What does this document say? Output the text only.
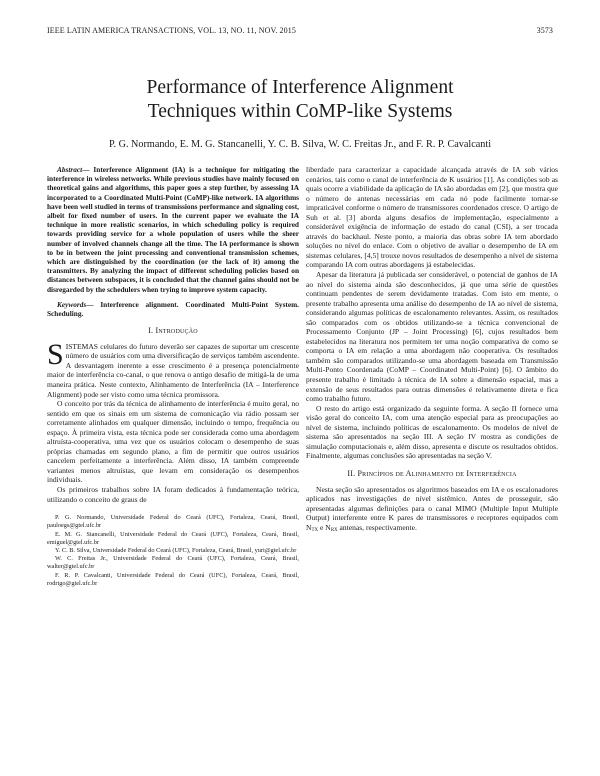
IEEE LATIN AMERICA TRANSACTIONS, VOL. 13, NO. 11, NOV. 2015	3573
Performance of Interference Alignment
Techniques within CoMP-like Systems
P. G. Normando, E. M. G. Stancanelli, Y. C. B. Silva, W. C. Freitas Jr., and F. R. P. Cavalcanti

Abstract— Interference Alignment (IA) is a technique for mitigating the interference in wireless networks. While previous studies have mainly focused on theoretical gains and algorithms, this paper goes a step further, by assessing IA incorporated to a Coordinated Multi-Point (CoMP)-like network. IA algorithms have been well studied in terms of transmissions performance and signaling cost, albeit for fixed number of users. In the current paper we evaluate the IA technique in more realistic scenarios, in which scheduling policy is required towards providing service for a whole population of users while the sheer number of involved channels change all the time. The IA performance is shown to be in between the joint processing and conventional transmission schemes, which are distinguished by the coordination (or the lack of it) among the transmitters. By analyzing the impact of different scheduling policies based on distances between subspaces, it is concluded that the channel gains should not be disregarded by the schedulers when trying to improve system capacity.

Keywords— Interference alignment. Coordinated Multi-Point System. Scheduling.

I. Introdução

SISTEMAS celulares do futuro deverão ser capazes de suportar um crescente número de usuários com uma diversificação de serviços também ascendente. A desvantagem inerente a esse crescimento é a presença potencialmente maior de interferência co-canal, o que renova o antigo desafio de mitigá-la de uma maneira prática. Neste contexto, Alinhamento de Interferência (IA – Interference Alignment) pode ser visto como uma técnica promissora.

O conceito por trás da técnica de alinhamento de interferência é muito geral, no sentido em que os sinais em um sistema de comunicação via rádio possam ser corretamente alinhados em qualquer dimensão, incluindo o tempo, frequência ou espaço. À primeira vista, esta técnica pode ser considerada como uma abordagem altruísta-cooperativa, uma vez que os usuários colocam o desempenho de suas próprias chamadas em segundo plano, a fim de permitir que outros usuários cancelem perfeitamente a interferência. Além disso, IA também compreende variantes menos altruístas, que levam em consideração os desempenhos individuais.

Os primeiros trabalhos sobre IA foram dedicados à fundamentação teórica, utilizando o conceito de graus de

P. G. Normando, Universidade Federal do Ceará (UFC), Fortaleza, Ceará, Brasil, pauloegs@gtel.ufc.br

E. M. G. Stancanelli, Universidade Federal do Ceará (UFC), Fortaleza, Ceará, Brasil, emiguel@gtel.ufc.br

Y. C. B. Silva, Universidade Federal do Ceará (UFC), Fortaleza, Ceará, Brasil, yuri@gtel.ufc.br

W. C. Freitas Jr., Universidade Federal do Ceará (UFC), Fortaleza, Ceará, Brasil, walter@gtel.ufc.br

F. R. P. Cavalcanti, Universidade Federal do Ceará (UFC), Fortaleza, Ceará, Brasil, rodrigo@gtel.ufc.br

liberdade para caracterizar a capacidade alcançada através de IA sob vários cenários, tais como o canal de interferência de K usuários [1]. As condições sob as quais ocorre a viabilidade da aplicação de IA são abordadas em [2], que mostra que o número de antenas necessárias em cada nó pode facilmente tornar-se impraticável conforme o número de transmissores coordenados cresce. O artigo de Suh et al. [3] aborda alguns desafios de implementação, especialmente a considerável exigência de informação de estado do canal (CSI), a ser trocada através do backhaul. Neste ponto, a maioria das obras sobre IA tem abordado soluções no nível do enlace. Com o objetivo de avaliar o desempenho de IA em sistemas celulares, [4,5] trouxe novos resultados de desempenho a nível de sistema comparando IA com outras abordagens já estabelecidas.

Apesar da literatura já publicada ser considerável, o potencial de ganhos de IA ao nível do sistema ainda são desconhecidos, já que uma série de questões continuam pendentes de serem devidamente tratadas. Com isto em mente, o presente trabalho apresenta uma análise do desempenho de IA ao nível de sistema, considerando algumas políticas de escalonamento relevantes. Assim, os resultados são comparados com os obtidos utilizando-se a técnica convencional de Processamento Conjunto (JP – Joint Processing) [6], cujos resultados bem estabelecidos na literatura nos permitem ter uma noção comparativa de como se comporta o IA em relação a uma abordagem não cooperativa. Os resultados também são comparados utilizando-se uma abordagem baseada em Transmissão Multi-Ponto Coordenada (CoMP – Coordinated Multi-Point) [6]. O âmbito do presente trabalho é limitado à técnica de IA sobre a dimensão espacial, mas a extensão de seus resultados para outras dimensões é relativamente direta e fica como trabalho futuro.

O resto do artigo está organizado da seguinte forma. A seção II fornece uma visão geral do conceito IA, com uma atenção especial para as preocupações ao nível de sistema, incluindo políticas de escalonamento. Os modelos de nível de sistema são apresentados na seção III. A seção IV mostra as condições de simulação computacionais e, além disso, apresenta e discute os resultados obtidos. Finalmente, algumas conclusões são apresentadas na seção V.

II. Princípios de Alinhamento de Interferência

Nesta seção são apresentados os algoritmos baseados em IA e os escalonadores aplicados nas investigações de nível sistêmico. Antes de prosseguir, são apresentadas algumas definições para o canal MIMO (Multiple Input Multiple Output) interferente entre K pares de transmissores e receptores equipados com $N_{TX}$ e $N_{RX}$ antenas, respectivamente.
